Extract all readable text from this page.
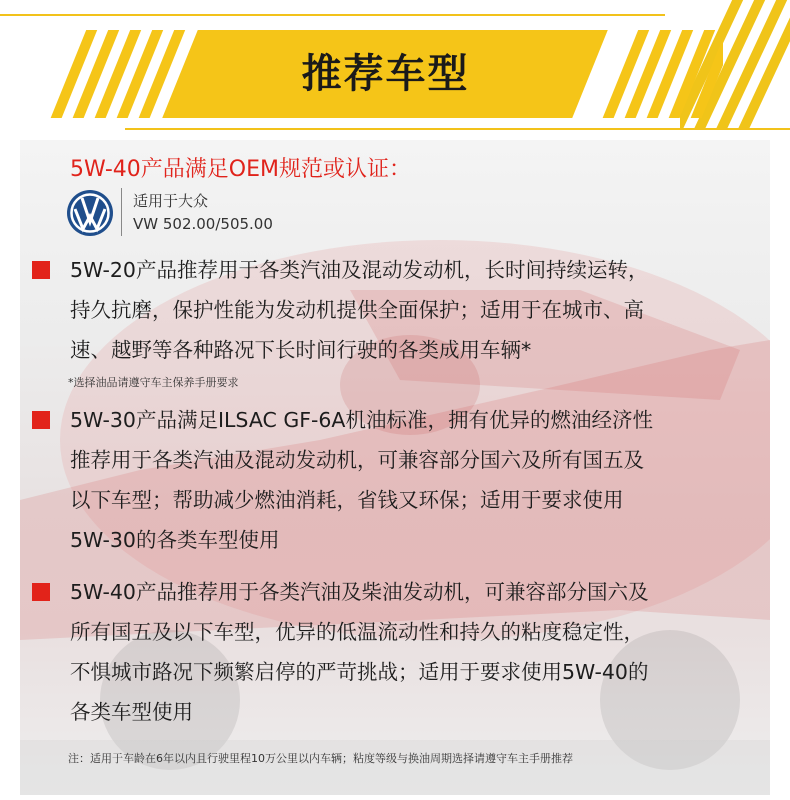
推荐车型
5W-40产品满足OEM规范或认证：
适用于大众
VW 502.00/505.00
5W-20产品推荐用于各类汽油及混动发动机，长时间持续运转，
持久抗磨，保护性能为发动机提供全面保护；适用于在城市、高
速、越野等各种路况下长时间行驶的各类成用车辆*
*选择油品请遵守车主保养手册要求
5W-30产品满足ILSAC GF-6A机油标准，拥有优异的燃油经济性
推荐用于各类汽油及混动发动机，可兼容部分国六及所有国五及
以下车型；帮助减少燃油消耗，省钱又环保；适用于要求使用
5W-30的各类车型使用
5W-40产品推荐用于各类汽油及柴油发动机，可兼容部分国六及
所有国五及以下车型，优异的低温流动性和持久的粘度稳定性，
不惧城市路况下频繁启停的严苛挑战；适用于要求使用5W-40的
各类车型使用
注：适用于车龄在6年以内且行驶里程10万公里以内车辆；粘度等级与换油周期选择请遵守车主手册推荐
